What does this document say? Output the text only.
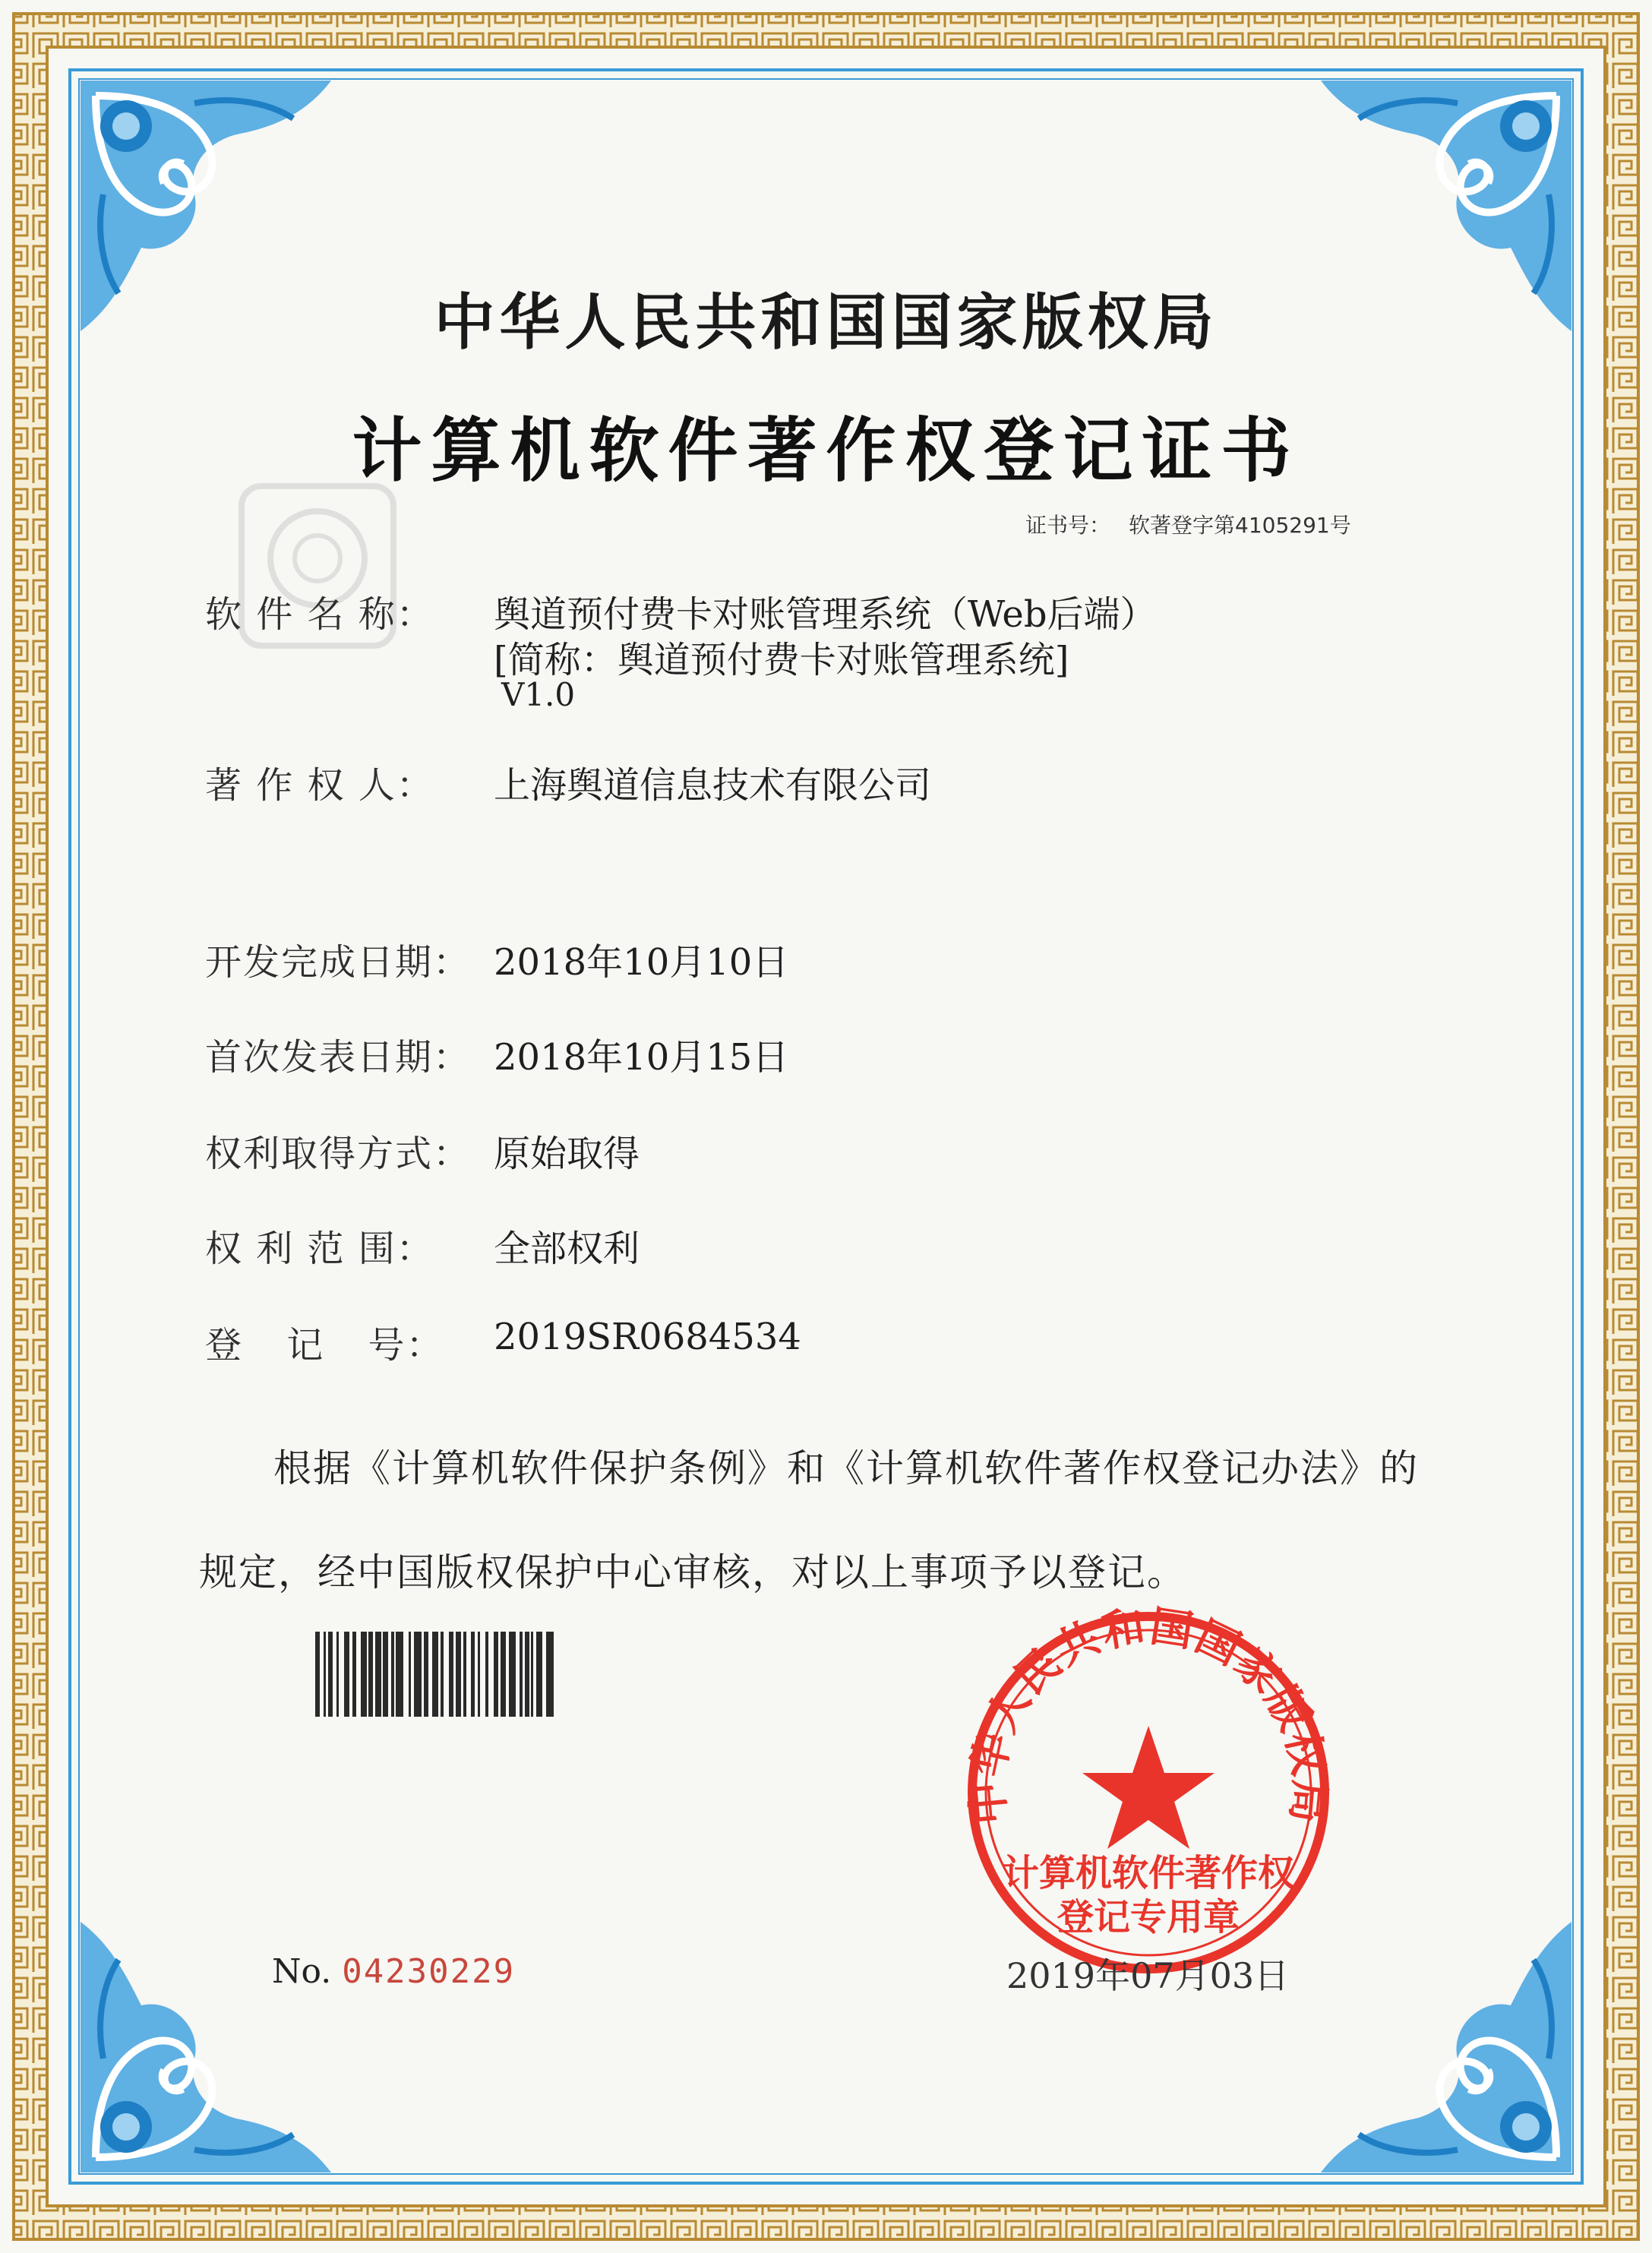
中华人民共和国国家版权局
计算机软件著作权
登记专用章
中华人民共和国国家版权局
计算机软件著作权登记证书
证书号： 软著登字第4105291号
软 件 名 称： 舆道预付费卡对账管理系统（Web后端）
[简称：舆道预付费卡对账管理系统]
V1.0
著 作 权 人： 上海舆道信息技术有限公司
开发完成日期： 2018年10月10日
首次发表日期： 2018年10月15日
权利取得方式： 原始取得
权 利 范 围： 全部权利
登 记 号： 2019SR0684534
根据《计算机软件保护条例》和《计算机软件著作权登记办法》的
规定，经中国版权保护中心审核，对以上事项予以登记。
No. 04230229	2019年07月03日
